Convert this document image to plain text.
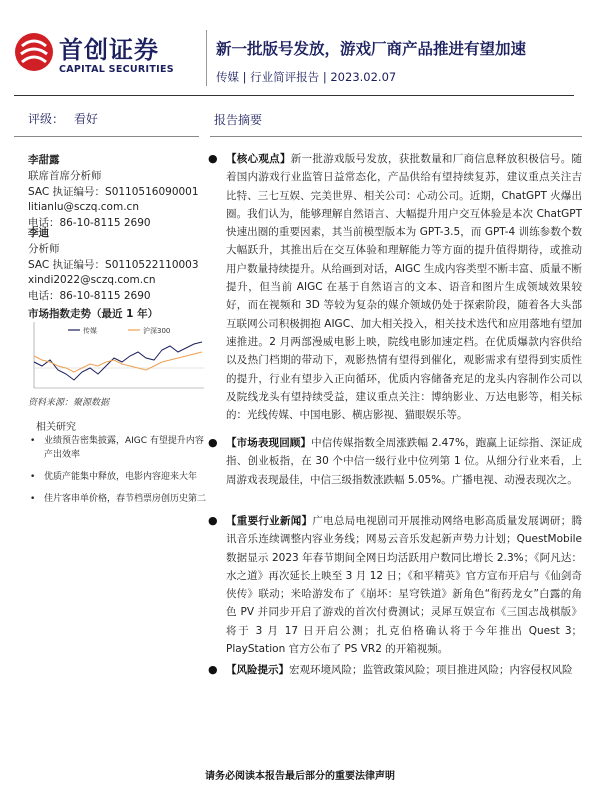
首创证券
CAPITAL SECURITIES
新一批版号发放，游戏厂商产品推进有望加速
传媒 | 行业简评报告 | 2023.02.07
评级： 看好
李甜露
联席首席分析师
SAC 执证编号：S0110516090001
litianlu@sczq.com.cn
电话：86-10-8115 2690
李迪
分析师
SAC 执证编号：S0110522110003
xindi2022@sczq.com.cn
电话：86-10-8115 2690
市场指数走势（最近 1 年）
传媒	沪深300
资料来源：聚源数据
相关研究
• 业绩预告密集披露，AIGC 有望提升内容产出效率
• 优质产能集中释放，电影内容迎来大年
• 佳片客串单价格，春节档票房创历史第二
报告摘要
● 【核心观点】新一批游戏版号发放，获批数量和厂商信息释放积极信号。随着国内游戏行业监管日益常态化，产品供给有望持续复苏，建议重点关注吉比特、三七互娱、完美世界、相关公司：心动公司。近期，ChatGPT 火爆出圈。我们认为，能够理解自然语言、大幅提升用户交互体验是本次 ChatGPT 快速出圈的重要因素，其当前模型版本为 GPT-3.5，而 GPT-4 训练参数个数大幅跃升，其推出后在交互体验和理解能力等方面的提升值得期待，或推动用户数量持续提升。从给画到对话，AIGC 生成内容类型不断丰富、质量不断提升，但当前 AIGC 在基于自然语言的文本、语音和图片生成领域效果较好，而在视频和 3D 等较为复杂的媒介领域仍处于探索阶段，随着各大头部互联网公司积极拥抱 AIGC、加大相关投入，相关技术迭代和应用落地有望加速推进。2 月两部漫威电影上映，院线电影加速定档。在优质爆款内容供给以及热门档期的带动下，观影热情有望得到催化，观影需求有望得到实质性的提升，行业有望步入正向循环，优质内容储备充足的龙头内容制作公司以及院线龙头有望持续受益，建议重点关注：博纳影业、万达电影等，相关标的：光线传媒、中国电影、横店影视、猫眼娱乐等。
● 【市场表现回顾】中信传媒指数全周涨跌幅 2.47%，跑赢上证综指、深证成指、创业板指，在 30 个中信一级行业中位列第 1 位。从细分行业来看，上周游戏表现最佳，中信三级指数涨跌幅 5.05%。广播电视、动漫表现次之。
● 【重要行业新闻】广电总局电视剧司开展推动网络电影高质量发展调研；腾讯音乐连续调整内容业务线；网易云音乐发起新声势力计划；QuestMobile 数据显示 2023 年春节期间全网日均活跃用户数同比增长 2.3%；《阿凡达：水之道》再次延长上映至 3 月 12 日；《和平精英》官方宣布开启与《仙剑奇侠传》联动；米哈游发布了《崩坏：星穹铁道》新角色“衔药龙女”白露的角色 PV 并同步开启了游戏的首次付费测试；灵犀互娱宣布《三国志战棋版》将于 3 月 17 日开启公测；扎克伯格确认将于今年推出 Quest 3；PlayStation 官方公布了 PS VR2 的开箱视频。
● 【风险提示】宏观环境风险；监管政策风险；项目推进风险；内容侵权风险
请务必阅读本报告最后部分的重要法律声明
